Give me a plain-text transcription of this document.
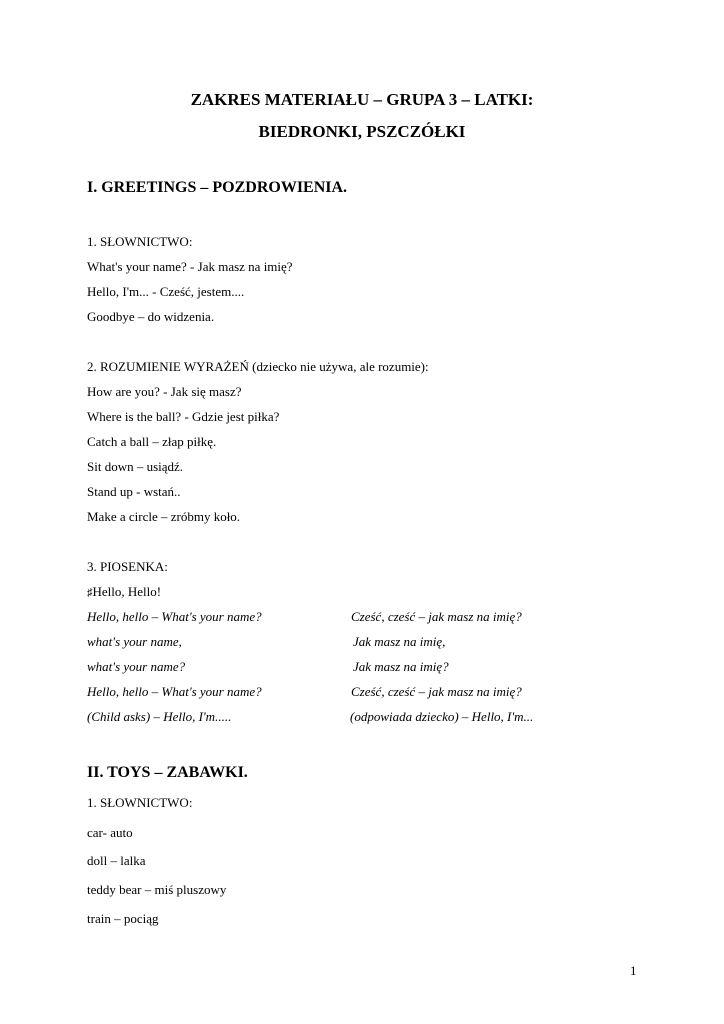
ZAKRES MATERIAŁU – GRUPA 3 – LATKI:
BIEDRONKI, PSZCZÓŁKI
I. GREETINGS – POZDROWIENIA.
1. SŁOWNICTWO:
What's your name? - Jak masz na imię?
Hello, I'm... - Cześć, jestem....
Goodbye – do widzenia.
2. ROZUMIENIE WYRAŻEŃ (dziecko nie używa, ale rozumie):
How are you? - Jak się masz?
Where is the ball? - Gdzie jest piłka?
Catch a ball – złap piłkę.
Sit down – usiądź.
Stand up - wstań..
Make a circle – zróbmy koło.
3. PIOSENKA:
♯Hello, Hello!
Hello, hello – What's your name?	Cześć, cześć – jak masz na imię?
what's your name,	Jak masz na imię,
what's your name?	Jak masz na imię?
Hello, hello – What's your name?	Cześć, cześć – jak masz na imię?
(Child asks) – Hello, I'm.....	(odpowiada dziecko) – Hello, I'm...
II. TOYS – ZABAWKI.
1. SŁOWNICTWO:
car- auto
doll – lalka
teddy bear – miś pluszowy
train – pociąg
1
